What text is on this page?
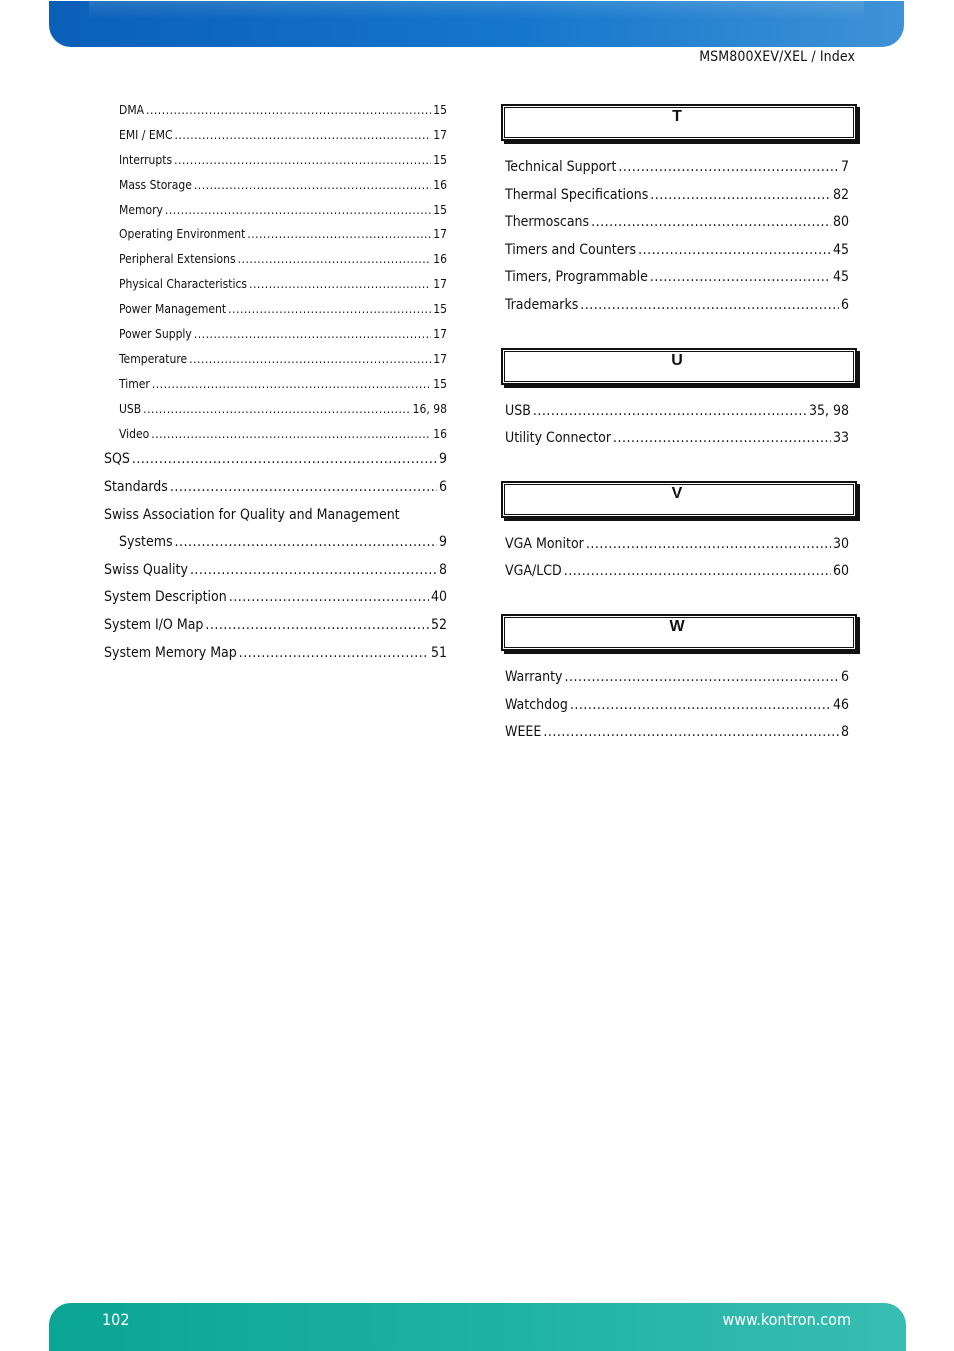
MSM800XEV/XEL / Index
DMA .....	15
EMI / EMC .....	17
Interrupts .....	15
Mass Storage .....	16
Memory .....	15
Operating Environment .....	17
Peripheral Extensions .....	16
Physical Characteristics .....	17
Power Management .....	15
Power Supply .....	17
Temperature .....	17
Timer .....	15
USB .....	16, 98
Video .....	16
SQS .....	9
Standards .....	6
Swiss Association for Quality and Management
Systems .....	9
Swiss Quality .....	8
System Description .....	40
System I/O Map .....	52
System Memory Map .....	51
T
Technical Support .....	7
Thermal Specifications .....	82
Thermoscans .....	80
Timers and Counters .....	45
Timers, Programmable .....	45
Trademarks .....	6
U
USB .....	35, 98
Utility Connector .....	33
V
VGA Monitor .....	30
VGA/LCD .....	60
W
Warranty .....	6
Watchdog .....	46
WEEE .....	8
102	www.kontron.com
